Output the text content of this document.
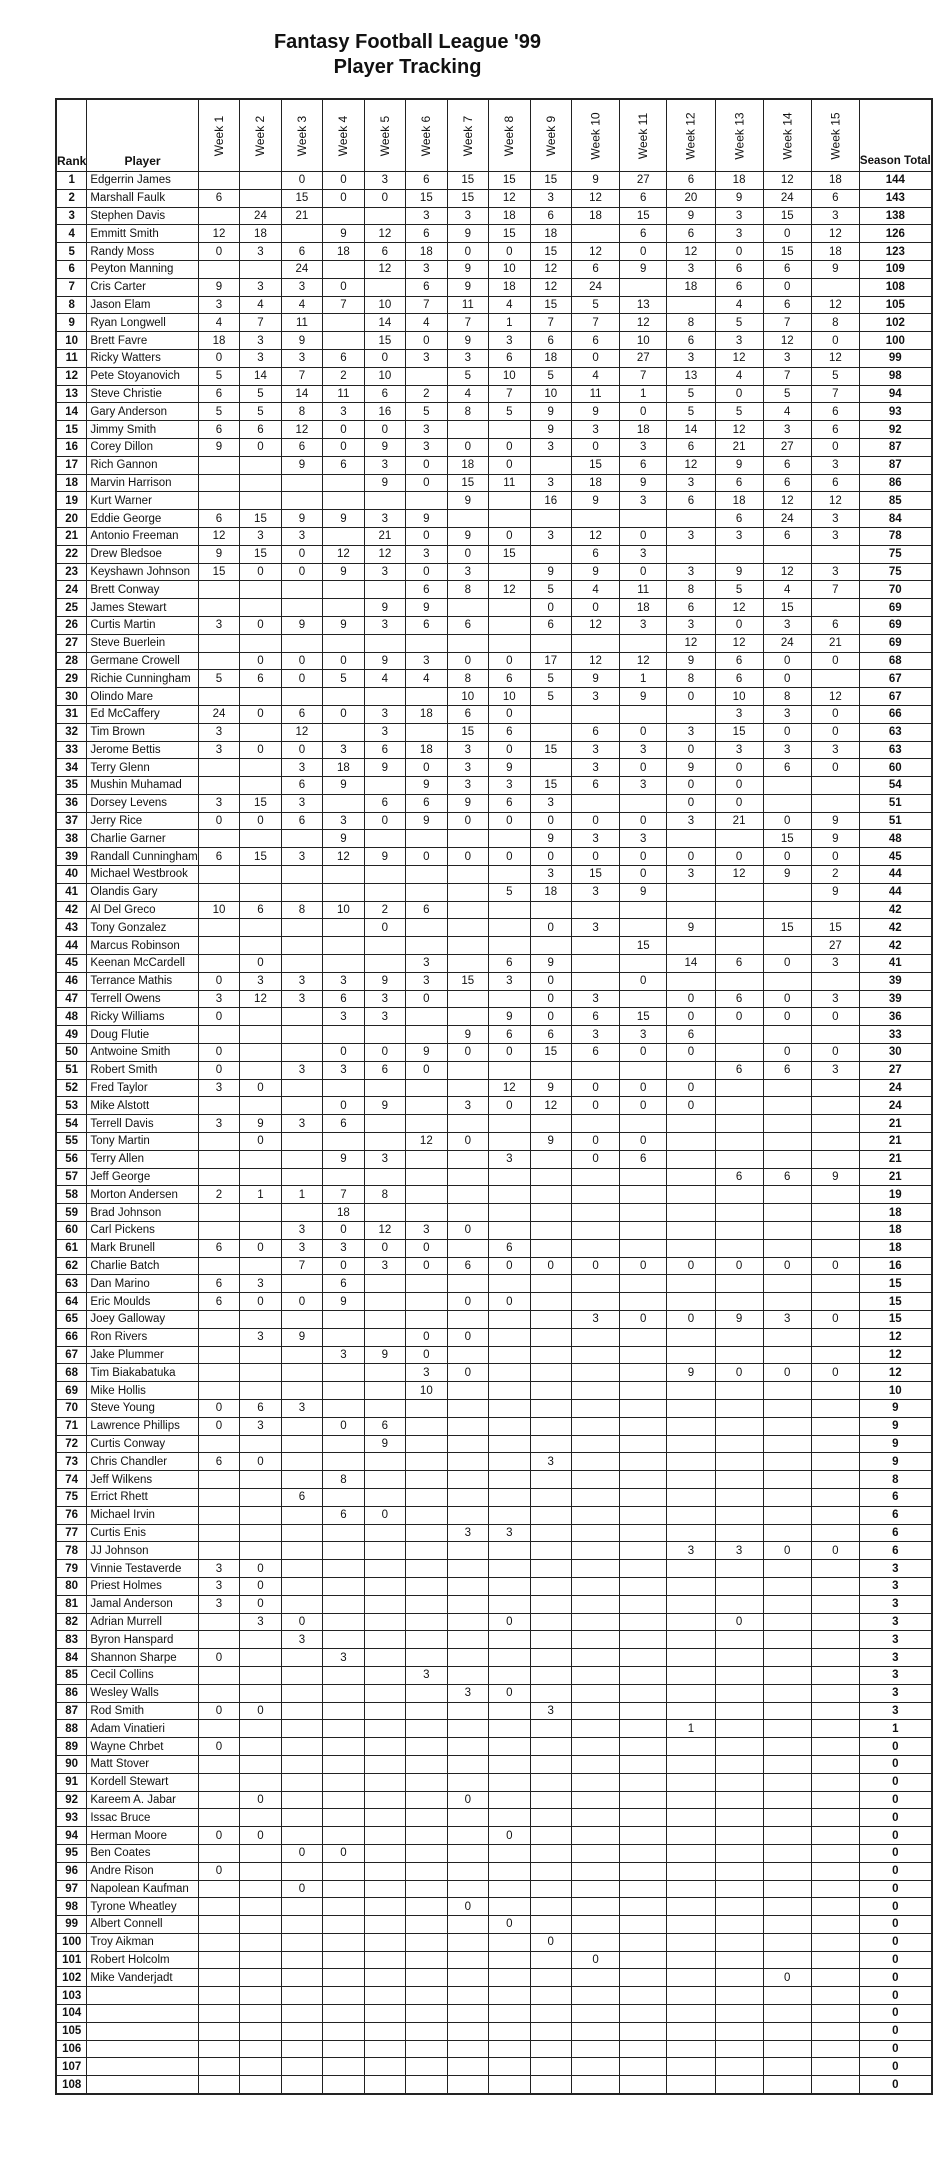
Fantasy Football League '99
Player Tracking
Rank	Player	Week 1	Week 2	Week 3	Week 4	Week 5	Week 6	Week 7	Week 8	Week 9	Week 10	Week 11	Week 12	Week 13	Week 14	Week 15	Season Total
1	Edgerrin James			0	0	3	6	15	15	15	9	27	6	18	12	18	144
2	Marshall Faulk	6		15	0	0	15	15	12	3	12	6	20	9	24	6	143
3	Stephen Davis		24	21			3	3	18	6	18	15	9	3	15	3	138
4	Emmitt Smith	12	18		9	12	6	9	15	18		6	6	3	0	12	126
5	Randy Moss	0	3	6	18	6	18	0	0	15	12	0	12	0	15	18	123
6	Peyton Manning			24		12	3	9	10	12	6	9	3	6	6	9	109
7	Cris Carter	9	3	3	0		6	9	18	12	24		18	6	0		108
8	Jason Elam	3	4	4	7	10	7	11	4	15	5	13		4	6	12	105
9	Ryan Longwell	4	7	11		14	4	7	1	7	7	12	8	5	7	8	102
10	Brett Favre	18	3	9		15	0	9	3	6	6	10	6	3	12	0	100
11	Ricky Watters	0	3	3	6	0	3	3	6	18	0	27	3	12	3	12	99
12	Pete Stoyanovich	5	14	7	2	10		5	10	5	4	7	13	4	7	5	98
13	Steve Christie	6	5	14	11	6	2	4	7	10	11	1	5	0	5	7	94
14	Gary Anderson	5	5	8	3	16	5	8	5	9	9	0	5	5	4	6	93
15	Jimmy Smith	6	6	12	0	0	3			9	3	18	14	12	3	6	92
16	Corey Dillon	9	0	6	0	9	3	0	0	3	0	3	6	21	27	0	87
17	Rich Gannon			9	6	3	0	18	0		15	6	12	9	6	3	87
18	Marvin Harrison					9	0	15	11	3	18	9	3	6	6	6	86
19	Kurt Warner							9		16	9	3	6	18	12	12	85
20	Eddie George	6	15	9	9	3	9							6	24	3	84
21	Antonio Freeman	12	3	3		21	0	9	0	3	12	0	3	3	6	3	78
22	Drew Bledsoe	9	15	0	12	12	3	0	15		6	3					75
23	Keyshawn Johnson	15	0	0	9	3	0	3		9	9	0	3	9	12	3	75
24	Brett Conway						6	8	12	5	4	11	8	5	4	7	70
25	James Stewart					9	9			0	0	18	6	12	15		69
26	Curtis Martin	3	0	9	9	3	6	6		6	12	3	3	0	3	6	69
27	Steve Buerlein												12	12	24	21	69
28	Germane Crowell		0	0	0	9	3	0	0	17	12	12	9	6	0	0	68
29	Richie Cunningham	5	6	0	5	4	4	8	6	5	9	1	8	6	0		67
30	Olindo Mare							10	10	5	3	9	0	10	8	12	67
31	Ed McCaffery	24	0	6	0	3	18	6	0					3	3	0	66
32	Tim Brown	3		12		3		15	6		6	0	3	15	0	0	63
33	Jerome Bettis	3	0	0	3	6	18	3	0	15	3	3	0	3	3	3	63
34	Terry Glenn			3	18	9	0	3	9		3	0	9	0	6	0	60
35	Mushin Muhamad			6	9		9	3	3	15	6	3	0	0			54
36	Dorsey Levens	3	15	3		6	6	9	6	3			0	0			51
37	Jerry Rice	0	0	6	3	0	9	0	0	0	0	0	3	21	0	9	51
38	Charlie Garner				9					9	3	3			15	9	48
39	Randall Cunningham	6	15	3	12	9	0	0	0	0	0	0	0	0	0	0	45
40	Michael Westbrook									3	15	0	3	12	9	2	44
41	Olandis Gary								5	18	3	9				9	44
42	Al Del Greco	10	6	8	10	2	6										42
43	Tony Gonzalez					0				0	3		9		15	15	42
44	Marcus Robinson											15				27	42
45	Keenan McCardell		0				3		6	9			14	6	0	3	41
46	Terrance Mathis	0	3	3	3	9	3	15	3	0		0					39
47	Terrell Owens	3	12	3	6	3	0			0	3		0	6	0	3	39
48	Ricky Williams	0			3	3			9	0	6	15	0	0	0	0	36
49	Doug Flutie							9	6	6	3	3	6				33
50	Antwoine Smith	0			0	0	9	0	0	15	6	0	0		0	0	30
51	Robert Smith	0		3	3	6	0							6	6	3	27
52	Fred Taylor	3	0						12	9	0	0	0				24
53	Mike Alstott				0	9		3	0	12	0	0	0				24
54	Terrell Davis	3	9	3	6												21
55	Tony Martin		0				12	0		9	0	0					21
56	Terry Allen				9	3			3		0	6					21
57	Jeff George													6	6	9	21
58	Morton Andersen	2	1	1	7	8											19
59	Brad Johnson				18												18
60	Carl Pickens			3	0	12	3	0									18
61	Mark Brunell	6	0	3	3	0	0		6								18
62	Charlie Batch			7	0	3	0	6	0	0	0	0	0	0	0	0	16
63	Dan Marino	6	3		6												15
64	Eric Moulds	6	0	0	9			0	0								15
65	Joey Galloway										3	0	0	9	3	0	15
66	Ron Rivers		3	9			0	0									12
67	Jake Plummer				3	9	0										12
68	Tim Biakabatuka						3	0					9	0	0	0	12
69	Mike Hollis						10										10
70	Steve Young	0	6	3													9
71	Lawrence Phillips	0	3		0	6											9
72	Curtis Conway					9											9
73	Chris Chandler	6	0							3							9
74	Jeff Wilkens				8												8
75	Errict Rhett			6													6
76	Michael Irvin				6	0											6
77	Curtis Enis							3	3								6
78	JJ Johnson												3	3	0	0	6
79	Vinnie Testaverde	3	0														3
80	Priest Holmes	3	0														3
81	Jamal Anderson	3	0														3
82	Adrian Murrell		3	0					0					0			3
83	Byron Hanspard			3													3
84	Shannon Sharpe	0			3												3
85	Cecil Collins						3										3
86	Wesley Walls							3	0								3
87	Rod Smith	0	0							3							3
88	Adam Vinatieri												1				1
89	Wayne Chrbet	0															0
90	Matt Stover																0
91	Kordell Stewart																0
92	Kareem A. Jabar		0					0									0
93	Issac Bruce																0
94	Herman Moore	0	0						0								0
95	Ben Coates			0	0												0
96	Andre Rison	0															0
97	Napolean Kaufman			0													0
98	Tyrone Wheatley							0									0
99	Albert Connell								0								0
100	Troy Aikman									0							0
101	Robert Holcolm										0						0
102	Mike Vanderjadt														0		0
103																	0
104																	0
105																	0
106																	0
107																	0
108																	0
